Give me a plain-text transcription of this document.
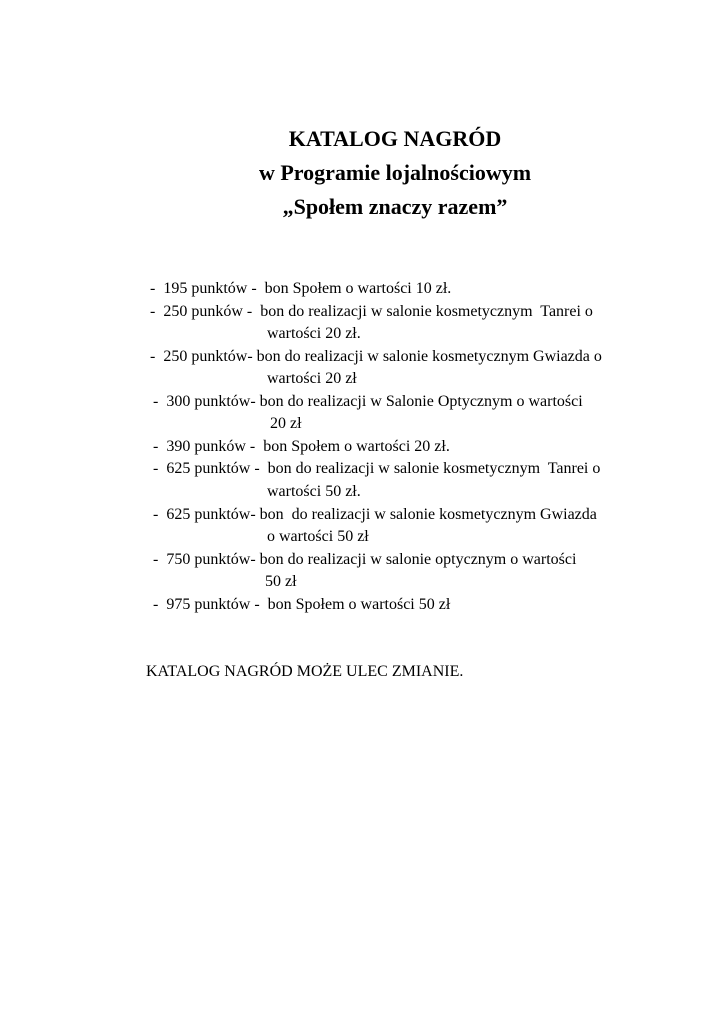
KATALOG NAGRÓD
w Programie lojalnościowym
„Społem znaczy razem”
-  195 punktów -  bon Społem o wartości 10 zł.
-  250 punków -  bon do realizacji w salonie kosmetycznym  Tanrei o
wartości 20 zł.
-  250 punktów- bon do realizacji w salonie kosmetycznym Gwiazda o
wartości 20 zł
-  300 punktów- bon do realizacji w Salonie Optycznym o wartości
20 zł
-  390 punków -  bon Społem o wartości 20 zł.
-  625 punktów -  bon do realizacji w salonie kosmetycznym  Tanrei o
wartości 50 zł.
-  625 punktów- bon  do realizacji w salonie kosmetycznym Gwiazda
o wartości 50 zł
-  750 punktów- bon do realizacji w salonie optycznym o wartości
50 zł
-  975 punktów -  bon Społem o wartości 50 zł
KATALOG NAGRÓD MOŻE ULEC ZMIANIE.
